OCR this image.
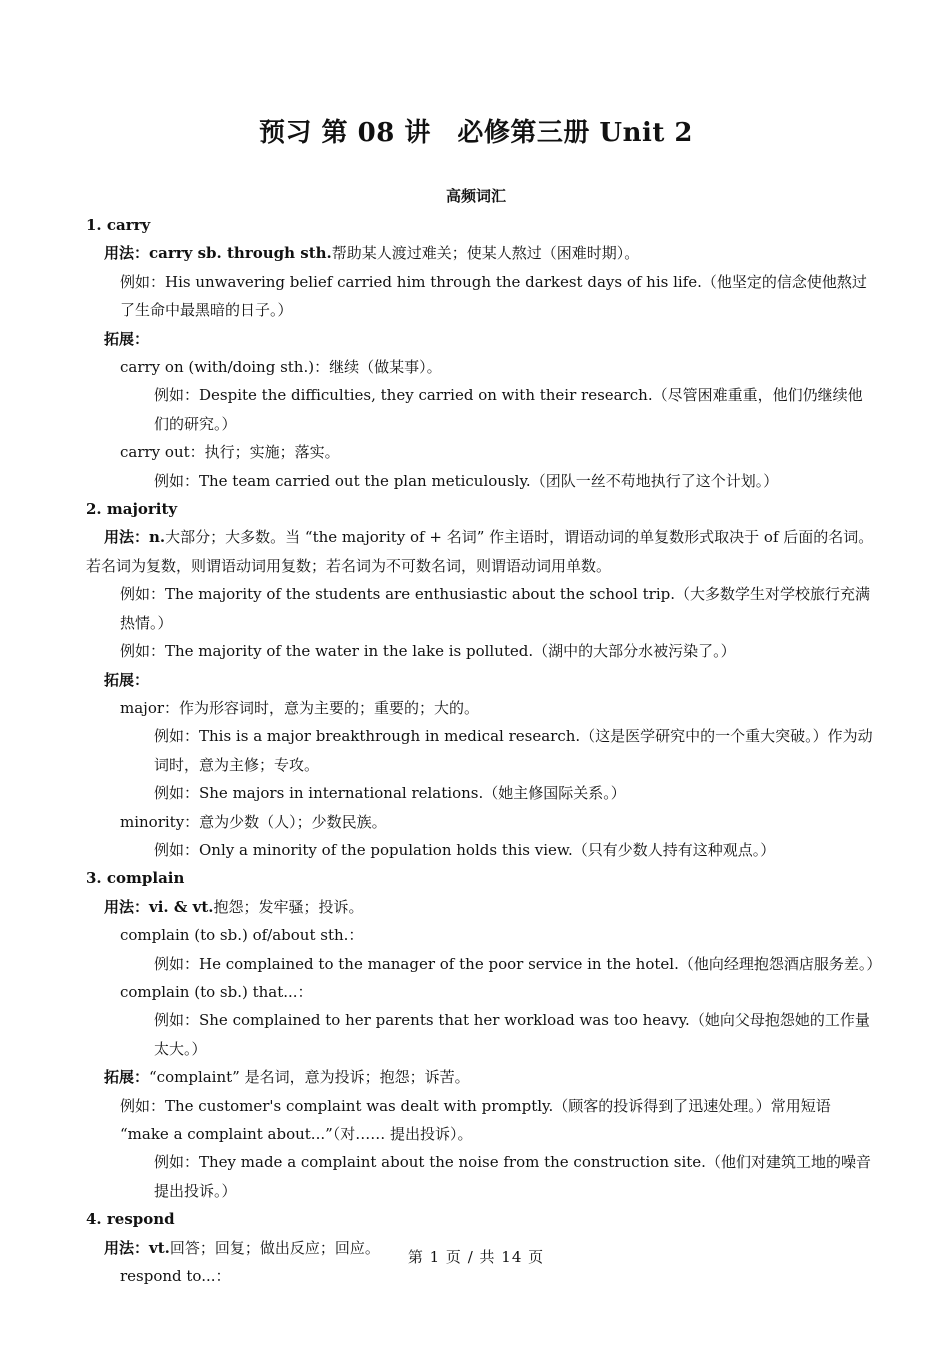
预习 第 08 讲　必修第三册 Unit 2
高频词汇
1. carry
用法：carry sb. through sth.帮助某人渡过难关；使某人熬过（困难时期）。
例如：His unwavering belief carried him through the darkest days of his life.（他坚定的信念使他熬过了生命中最黑暗的日子。）
拓展：
carry on (with/doing sth.)：继续（做某事）。
例如：Despite the difficulties, they carried on with their research.（尽管困难重重，他们仍继续他们的研究。）
carry out：执行；实施；落实。
例如：The team carried out the plan meticulously.（团队一丝不苟地执行了这个计划。）
2. majority
用法：n.大部分；大多数。当 “the majority of + 名词” 作主语时，谓语动词的单复数形式取决于 of 后面的名词。若名词为复数，则谓语动词用复数；若名词为不可数名词，则谓语动词用单数。
例如：The majority of the students are enthusiastic about the school trip.（大多数学生对学校旅行充满热情。）
例如：The majority of the water in the lake is polluted.（湖中的大部分水被污染了。）
拓展：
major：作为形容词时，意为主要的；重要的；大的。
例如：This is a major breakthrough in medical research.（这是医学研究中的一个重大突破。）作为动词时，意为主修；专攻。
例如：She majors in international relations.（她主修国际关系。）
minority：意为少数（人）；少数民族。
例如：Only a minority of the population holds this view.（只有少数人持有这种观点。）
3. complain
用法：vi. & vt.抱怨；发牢骚；投诉。
complain (to sb.) of/about sth.：
例如：He complained to the manager of the poor service in the hotel.（他向经理抱怨酒店服务差。）
complain (to sb.) that...：
例如：She complained to her parents that her workload was too heavy.（她向父母抱怨她的工作量太大。）
拓展：“complaint” 是名词，意为投诉；抱怨；诉苦。
例如：The customer's complaint was dealt with promptly.（顾客的投诉得到了迅速处理。）常用短语 “make a complaint about...”（对…… 提出投诉）。
例如：They made a complaint about the noise from the construction site.（他们对建筑工地的噪音提出投诉。）
4. respond
用法：vt.回答；回复；做出反应；回应。
respond to...：
第 1 页 / 共 14 页
